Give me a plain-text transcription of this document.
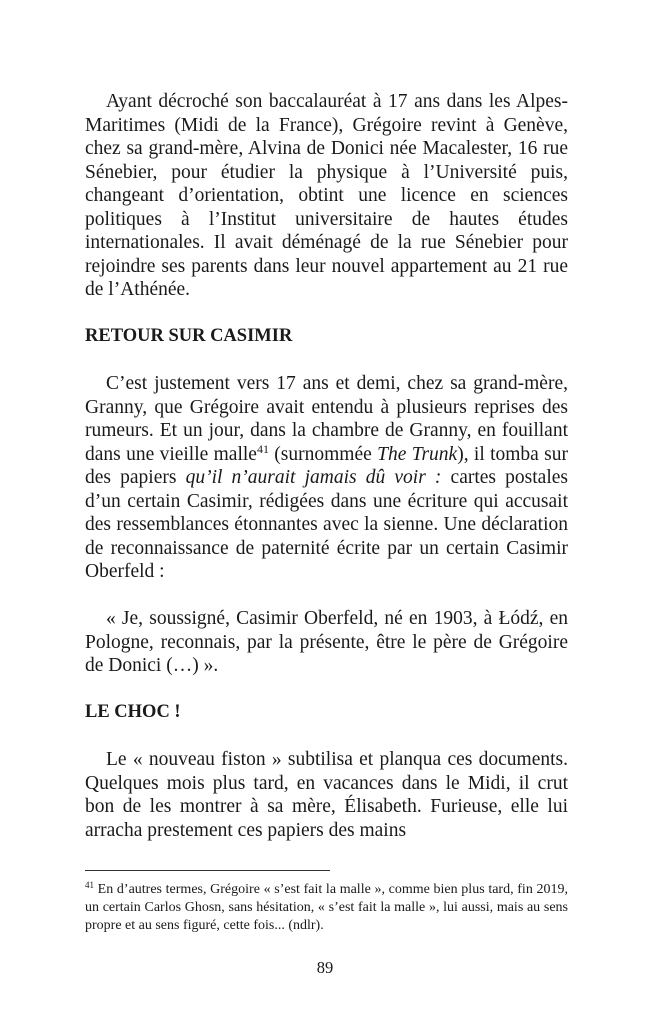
Ayant décroché son baccalauréat à 17 ans dans les Alpes-Maritimes (Midi de la France), Grégoire revint à Genève, chez sa grand-mère, Alvina de Donici née Macalester, 16 rue Sénebier, pour étudier la physique à l’Université puis, changeant d’orientation, obtint une licence en sciences politiques à l’Institut universitaire de hautes études internationales. Il avait déménagé de la rue Sénebier pour rejoindre ses parents dans leur nouvel appartement au 21 rue de l’Athénée.

RETOUR SUR CASIMIR

C’est justement vers 17 ans et demi, chez sa grand-mère, Granny, que Grégoire avait entendu à plusieurs reprises des rumeurs. Et un jour, dans la chambre de Granny, en fouillant dans une vieille malle$^{41}$ (surnommée The Trunk), il tomba sur des papiers qu’il n’aurait jamais dû voir : cartes postales d’un certain Casimir, rédigées dans une écriture qui accusait des ressemblances étonnantes avec la sienne. Une déclaration de reconnaissance de paternité écrite par un certain Casimir Oberfeld :

« Je, soussigné, Casimir Oberfeld, né en 1903, à Łódź, en Pologne, reconnais, par la présente, être le père de Grégoire de Donici (…) ».

LE CHOC !

Le « nouveau fiston » subtilisa et planqua ces documents. Quelques mois plus tard, en vacances dans le Midi, il crut bon de les montrer à sa mère, Élisabeth. Furieuse, elle lui arracha prestement ces papiers des mains

$^{41}$ En d’autres termes, Grégoire « s’est fait la malle », comme bien plus tard, fin 2019, un certain Carlos Ghosn, sans hésitation, « s’est fait la malle », lui aussi, mais au sens propre et au sens figuré, cette fois... (ndlr).

89
